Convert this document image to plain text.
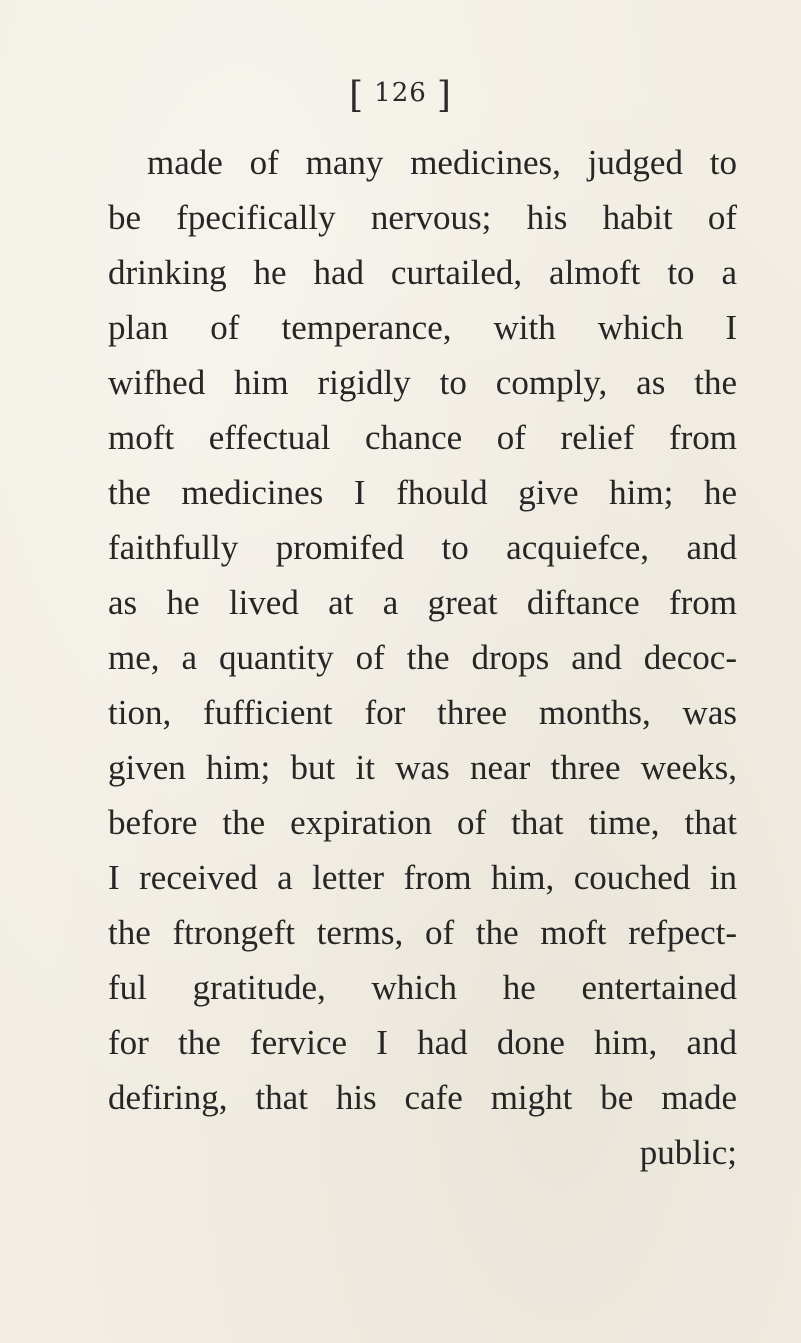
[ 126 ]
made of many medicines, judged to
be fpecifically nervous; his habit of
drinking he had curtailed, almoft to a
plan of temperance, with which I
wifhed him rigidly to comply, as the
moft effectual chance of relief from
the medicines I fhould give him; he
faithfully promifed to acquiefce, and
as he lived at a great diftance from
me, a quantity of the drops and decoc-
tion, fufficient for three months, was
given him; but it was near three weeks,
before the expiration of that time, that
I received a letter from him, couched in
the ftrongeft terms, of the moft refpect-
ful gratitude, which he entertained
for the fervice I had done him, and
defiring, that his cafe might be made
public;
